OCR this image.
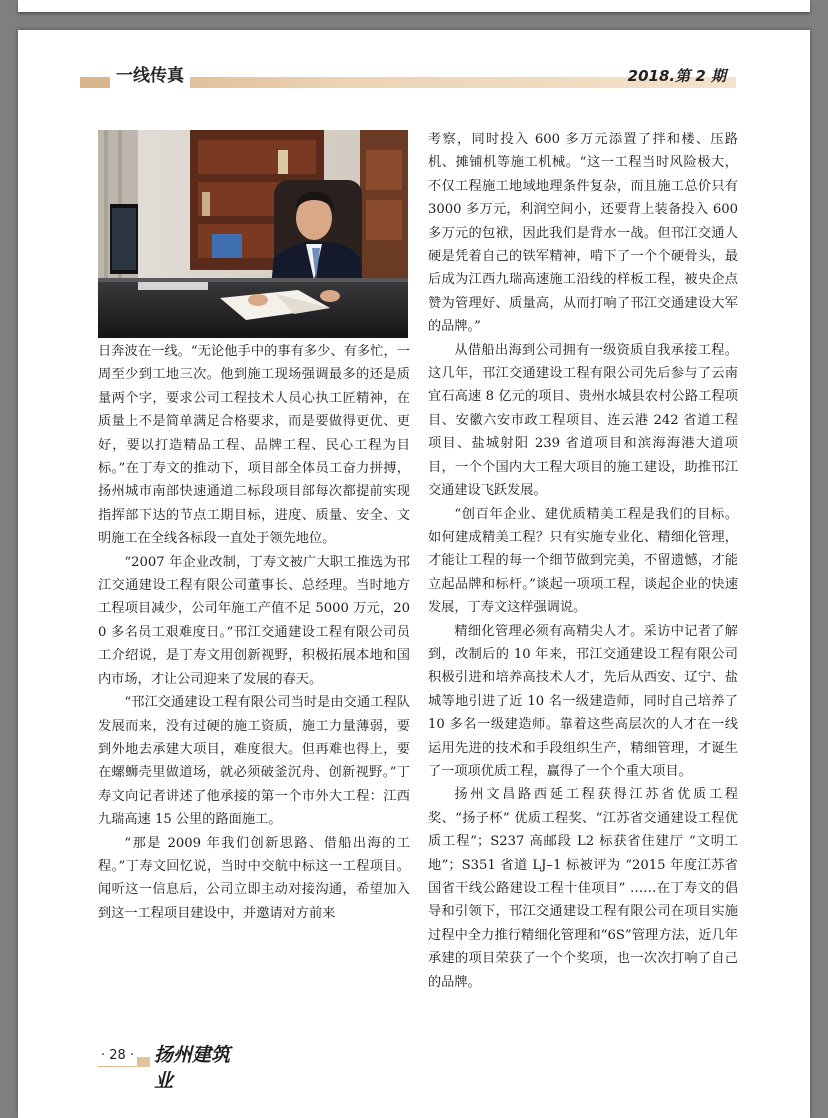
一线传真	2018.第 2 期

日奔波在一线。“无论他手中的事有多少、有多忙，一周至少到工地三次。他到施工现场强调最多的还是质量两个字，要求公司工程技术人员心执工匠精神，在质量上不是简单满足合格要求，而是要做得更优、更好，要以打造精品工程、品牌工程、民心工程为目标。”在丁寿文的推动下，项目部全体员工奋力拼搏，扬州城市南部快速通道二标段项目部每次都提前实现指挥部下达的节点工期目标，进度、质量、安全、文明施工在全线各标段一直处于领先地位。

“2007 年企业改制，丁寿文被广大职工推选为邗江交通建设工程有限公司董事长、总经理。当时地方工程项目减少，公司年施工产值不足 5000 万元，200 多名员工艰难度日。”邗江交通建设工程有限公司员工介绍说，是丁寿文用创新视野，积极拓展本地和国内市场，才让公司迎来了发展的春天。

“邗江交通建设工程有限公司当时是由交通工程队发展而来，没有过硬的施工资质，施工力量薄弱，要到外地去承建大项目，难度很大。但再难也得上，要在螺蛳壳里做道场，就必须破釜沉舟、创新视野。”丁寿文向记者讲述了他承接的第一个市外大工程：江西九瑞高速 15 公里的路面施工。

“那是 2009 年我们创新思路、借船出海的工程。”丁寿文回忆说，当时中交航中标这一工程项目。闻听这一信息后，公司立即主动对接沟通，希望加入到这一工程项目建设中，并邀请对方前来

考察，同时投入 600 多万元添置了拌和楼、压路机、摊铺机等施工机械。“这一工程当时风险极大，不仅工程施工地域地理条件复杂，而且施工总价只有 3000 多万元，利润空间小，还要背上装备投入 600 多万元的包袱，因此我们是背水一战。但邗江交通人硬是凭着自己的铁军精神，啃下了一个个硬骨头，最后成为江西九瑞高速施工沿线的样板工程，被央企点赞为管理好、质量高，从而打响了邗江交通建设大军的品牌。”

从借船出海到公司拥有一级资质自我承接工程。这几年，邗江交通建设工程有限公司先后参与了云南宜石高速 8 亿元的项目、贵州水城县农村公路工程项目、安徽六安市政工程项目、连云港 242 省道工程项目、盐城射阳 239 省道项目和滨海海港大道项目，一个个国内大工程大项目的施工建设，助推邗江交通建设飞跃发展。

“创百年企业、建优质精美工程是我们的目标。如何建成精美工程？只有实施专业化、精细化管理，才能让工程的每一个细节做到完美，不留遗憾，才能立起品牌和标杆。”谈起一项项工程，谈起企业的快速发展，丁寿文这样强调说。

精细化管理必须有高精尖人才。采访中记者了解到，改制后的 10 年来，邗江交通建设工程有限公司积极引进和培养高技术人才，先后从西安、辽宁、盐城等地引进了近 10 名一级建造师，同时自己培养了 10 多名一级建造师。靠着这些高层次的人才在一线运用先进的技术和手段组织生产，精细管理，才诞生了一项项优质工程，赢得了一个个重大项目。

扬州文昌路西延工程获得江苏省优质工程奖、“扬子杯” 优质工程奖、“江苏省交通建设工程优质工程”；S237 高邮段 L2 标获省住建厅 “文明工地”；S351 省道 LJ–1 标被评为 “2015 年度江苏省国省干线公路建设工程十佳项目” ……在丁寿文的倡导和引领下，邗江交通建设工程有限公司在项目实施过程中全力推行精细化管理和“6S”管理方法，近几年承建的项目荣获了一个个奖项，也一次次打响了自己的品牌。

· 28 · 扬州建筑业
